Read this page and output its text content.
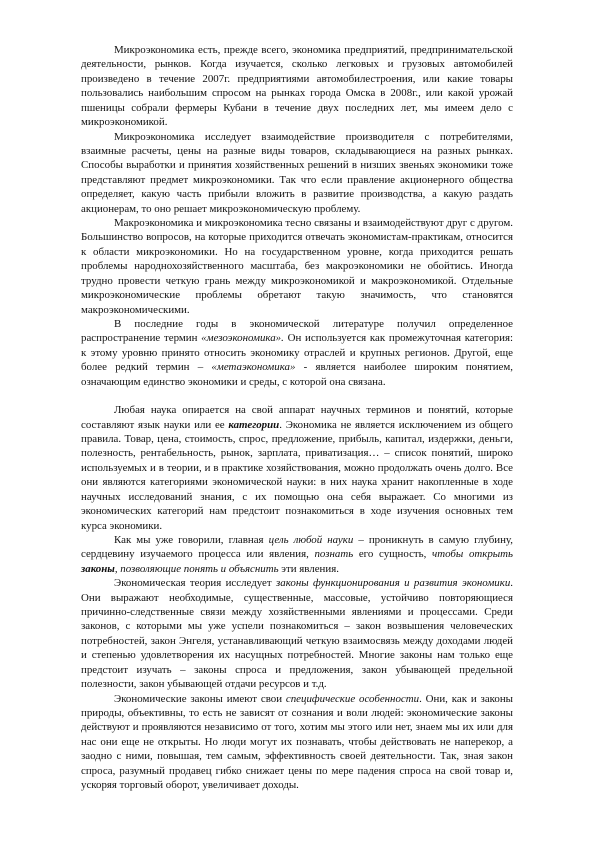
Микроэкономика есть, прежде всего, экономика предприятий, предпринимательской деятельности, рынков. Когда изучается, сколько легковых и грузовых автомобилей произведено в течение 2007г. предприятиями автомобилестроения, или какие товары пользовались наибольшим спросом на рынках города Омска в 2008г., или какой урожай пшеницы собрали фермеры Кубани в течение двух последних лет, мы имеем дело с микроэкономикой.

Микроэкономика исследует взаимодействие производителя с потребителями, взаимные расчеты, цены на разные виды товаров, складывающиеся на разных рынках. Способы выработки и принятия хозяйственных решений в низших звеньях экономики тоже представляют предмет микроэкономики. Так что если правление акционерного общества определяет, какую часть прибыли вложить в развитие производства, а какую раздать акционерам, то оно решает микроэкономическую проблему.

Макроэкономика и микроэкономика тесно связаны и взаимодействуют друг с другом. Большинство вопросов, на которые приходится отвечать экономистам-практикам, относится к области микроэкономики. Но на государственном уровне, когда приходится решать проблемы народнохозяйственного масштаба, без макроэкономики не обойтись. Иногда трудно провести четкую грань между микроэкономикой и макроэкономикой. Отдельные микроэкономические проблемы обретают такую значимость, что становятся макроэкономическими.

В последние годы в экономической литературе получил определенное распространение термин «мезоэкономика». Он используется как промежуточная категория: к этому уровню принято относить экономику отраслей и крупных регионов. Другой, еще более редкий термин – «метаэкономика» - является наиболее широким понятием, означающим единство экономики и среды, с которой она связана.

Любая наука опирается на свой аппарат научных терминов и понятий, которые составляют язык науки или ее категории. Экономика не является исключением из общего правила. Товар, цена, стоимость, спрос, предложение, прибыль, капитал, издержки, деньги, полезность, рентабельность, рынок, зарплата, приватизация… – список понятий, широко используемых и в теории, и в практике хозяйствования, можно продолжать очень долго. Все они являются категориями экономической науки: в них наука хранит накопленные в ходе научных исследований знания, с их помощью она себя выражает. Со многими из экономических категорий нам предстоит познакомиться в ходе изучения основных тем курса экономики.

Как мы уже говорили, главная цель любой науки – проникнуть в самую глубину, сердцевину изучаемого процесса или явления, познать его сущность, чтобы открыть законы, позволяющие понять и объяснить эти явления.

Экономическая теория исследует законы функционирования и развития экономики. Они выражают необходимые, существенные, массовые, устойчиво повторяющиеся причинно-следственные связи между хозяйственными явлениями и процессами. Среди законов, с которыми мы уже успели познакомиться – закон возвышения человеческих потребностей, закон Энгеля, устанавливающий четкую взаимосвязь между доходами людей и степенью удовлетворения их насущных потребностей. Многие законы нам только еще предстоит изучать – законы спроса и предложения, закон убывающей предельной полезности, закон убывающей отдачи ресурсов и т.д.

Экономические законы имеют свои специфические особенности. Они, как и законы природы, объективны, то есть не зависят от сознания и воли людей: экономические законы действуют и проявляются независимо от того, хотим мы этого или нет, знаем мы их или для нас они еще не открыты. Но люди могут их познавать, чтобы действовать не наперекор, а заодно с ними, повышая, тем самым, эффективность своей деятельности. Так, зная закон спроса, разумный продавец гибко снижает цены по мере падения спроса на свой товар и, ускоряя торговый оборот, увеличивает доходы.
